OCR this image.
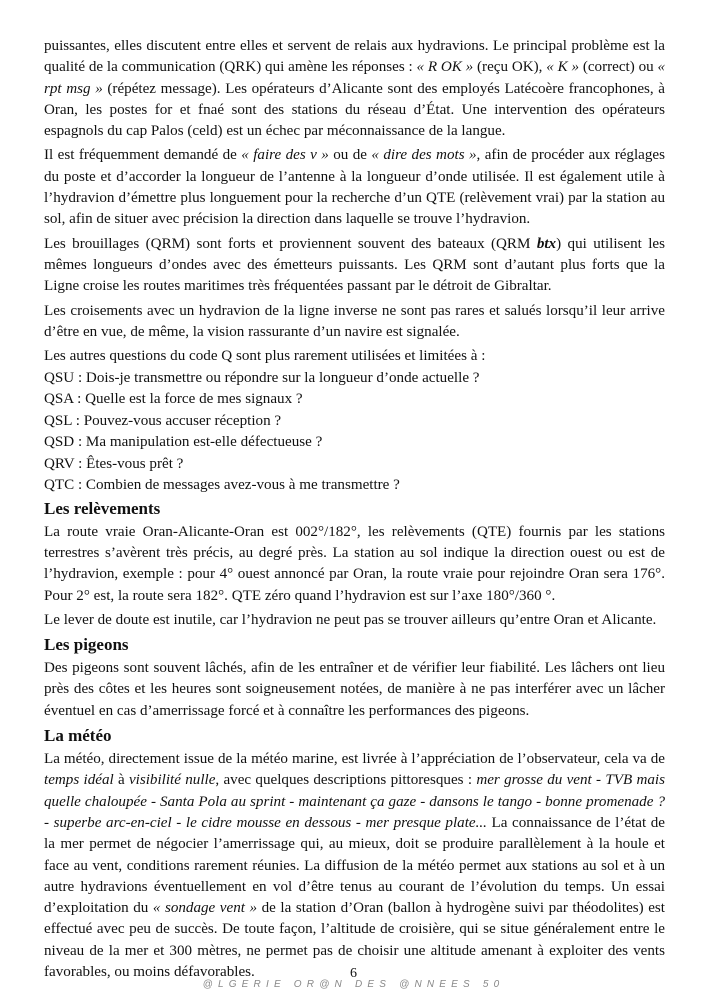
puissantes, elles discutent entre elles et servent de relais aux hydravions. Le principal problème est la qualité de la communication (QRK) qui amène les réponses : « R OK » (reçu OK), « K » (correct) ou « rpt msg » (répétez message). Les opérateurs d’Alicante sont des employés Latécoère francophones, à Oran, les postes for et fnaé sont des stations du réseau d’État. Une intervention des opérateurs espagnols du cap Palos (celd) est un échec par méconnaissance de la langue.

Il est fréquemment demandé de « faire des v » ou de « dire des mots », afin de procéder aux réglages du poste et d’accorder la longueur de l’antenne à la longueur d’onde utilisée. Il est également utile à l’hydravion d’émettre plus longuement pour la recherche d’un QTE (relèvement vrai) par la station au sol, afin de situer avec précision la direction dans laquelle se trouve l’hydravion.

Les brouillages (QRM) sont forts et proviennent souvent des bateaux (QRM btx) qui utilisent les mêmes longueurs d’ondes avec des émetteurs puissants. Les QRM sont d’autant plus forts que la Ligne croise les routes maritimes très fréquentées passant par le détroit de Gibraltar.

Les croisements avec un hydravion de la ligne inverse ne sont pas rares et salués lorsqu’il leur arrive d’être en vue, de même, la vision rassurante d’un navire est signalée.

Les autres questions du code Q sont plus rarement utilisées et limitées à :

QSU : Dois-je transmettre ou répondre sur la longueur d’onde actuelle ?

QSA : Quelle est la force de mes signaux ?

QSL : Pouvez-vous accuser réception ?

QSD : Ma manipulation est-elle défectueuse ?

QRV : Êtes-vous prêt ?

QTC : Combien de messages avez-vous à me transmettre ?

Les relèvements

La route vraie Oran-Alicante-Oran est 002°/182°, les relèvements (QTE) fournis par les stations terrestres s’avèrent très précis, au degré près. La station au sol indique la direction ouest ou est de l’hydravion, exemple : pour 4° ouest annoncé par Oran, la route vraie pour rejoindre Oran sera 176°. Pour 2° est, la route sera 182°. QTE zéro quand l’hydravion est sur l’axe 180°/360 °.

Le lever de doute est inutile, car l’hydravion ne peut pas se trouver ailleurs qu’entre Oran et Alicante.

Les pigeons

Des pigeons sont souvent lâchés, afin de les entraîner et de vérifier leur fiabilité. Les lâchers ont lieu près des côtes et les heures sont soigneusement notées, de manière à ne pas interférer avec un lâcher éventuel en cas d’amerrissage forcé et à connaître les performances des pigeons.

La météo

La météo, directement issue de la météo marine, est livrée à l’appréciation de l’observateur, cela va de temps idéal à visibilité nulle, avec quelques descriptions pittoresques : mer grosse du vent - TVB mais quelle chaloupée - Santa Pola au sprint - maintenant ça gaze - dansons le tango - bonne promenade ?- superbe arc-en-ciel - le cidre mousse en dessous - mer presque plate... La connaissance de l’état de la mer permet de négocier l’amerrissage qui, au mieux, doit se produire parallèlement à la houle et face au vent, conditions rarement réunies. La diffusion de la météo permet aux stations au sol et à un autre hydravions éventuellement en vol d’être tenus au courant de l’évolution du temps. Un essai d’exploitation du « sondage vent » de la station d’Oran (ballon à hydrogène suivi par théodolites) est effectué avec peu de succès. De toute façon, l’altitude de croisière, qui se situe généralement entre le niveau de la mer et 300 mètres, ne permet pas de choisir une altitude amenant à exploiter des vents favorables, ou moins défavorables.	6
@LGERIE OR@N DES @NNEES 50
